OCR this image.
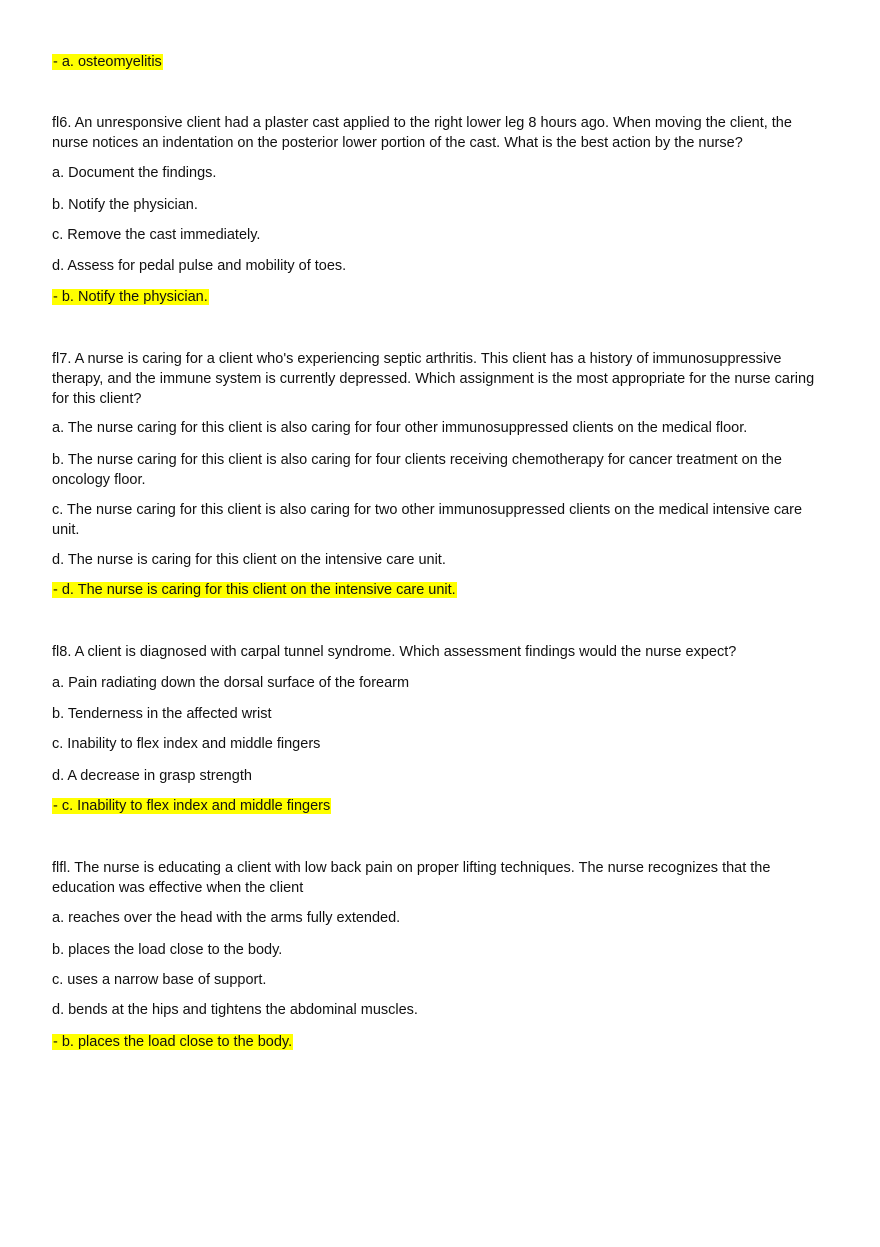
- a. osteomyelitis
fl6. An unresponsive client had a plaster cast applied to the right lower leg 8 hours ago. When moving the client, the nurse notices an indentation on the posterior lower portion of the cast. What is the best action by the nurse?
a. Document the findings.
b. Notify the physician.
c. Remove the cast immediately.
d. Assess for pedal pulse and mobility of toes.
- b. Notify the physician.
fl7. A nurse is caring for a client who's experiencing septic arthritis. This client has a history of immunosuppressive therapy, and the immune system is currently depressed. Which assignment is the most appropriate for the nurse caring for this client?
a. The nurse caring for this client is also caring for four other immunosuppressed clients on the medical floor.
b. The nurse caring for this client is also caring for four clients receiving chemotherapy for cancer treatment on the oncology floor.
c. The nurse caring for this client is also caring for two other immunosuppressed clients on the medical intensive care unit.
d. The nurse is caring for this client on the intensive care unit.
- d. The nurse is caring for this client on the intensive care unit.
fl8. A client is diagnosed with carpal tunnel syndrome. Which assessment findings would the nurse expect?
a. Pain radiating down the dorsal surface of the forearm
b. Tenderness in the affected wrist
c. Inability to flex index and middle fingers
d. A decrease in grasp strength
- c. Inability to flex index and middle fingers
flfl. The nurse is educating a client with low back pain on proper lifting techniques. The nurse recognizes that the education was effective when the client
a. reaches over the head with the arms fully extended.
b. places the load close to the body.
c. uses a narrow base of support.
d. bends at the hips and tightens the abdominal muscles.
- b. places the load close to the body.
